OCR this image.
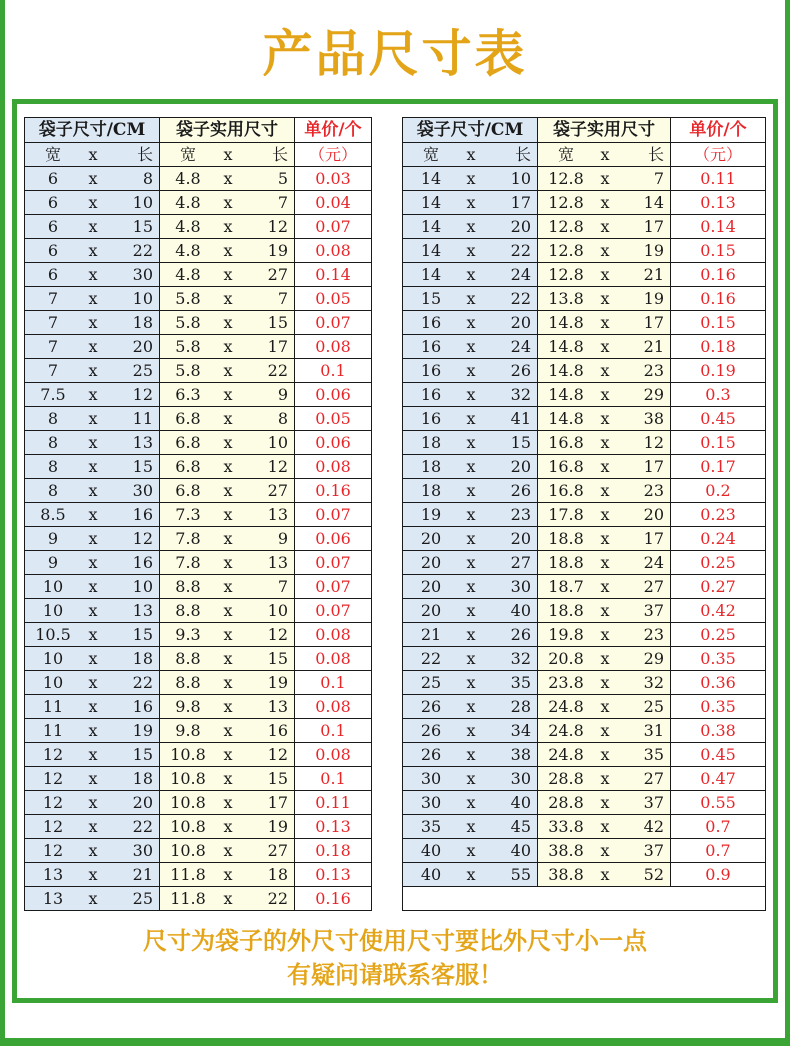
产品尺寸表
袋子尺寸/CM	袋子实用尺寸	单价/个

宽 x 长	宽 x 长	（元）

6 x 8	4.8 x 5	0.03

6 x 10	4.8 x 7	0.04

6 x 15	4.8 x 12	0.07

6 x 22	4.8 x 19	0.08

6 x 30	4.8 x 27	0.14

7 x 10	5.8 x 7	0.05

7 x 18	5.8 x 15	0.07

7 x 20	5.8 x 17	0.08

7 x 25	5.8 x 22	0.1

7.5 x 12	6.3 x 9	0.06

8 x 11	6.8 x 8	0.05

8 x 13	6.8 x 10	0.06

8 x 15	6.8 x 12	0.08

8 x 30	6.8 x 27	0.16

8.5 x 16	7.3 x 13	0.07

9 x 12	7.8 x 9	0.06

9 x 16	7.8 x 13	0.07

10 x 10	8.8 x 7	0.07

10 x 13	8.8 x 10	0.07

10.5 x 15	9.3 x 12	0.08

10 x 18	8.8 x 15	0.08

10 x 22	8.8 x 19	0.1

11 x 16	9.8 x 13	0.08

11 x 19	9.8 x 16	0.1

12 x 15	10.8 x 12	0.08

12 x 18	10.8 x 15	0.1

12 x 20	10.8 x 17	0.11

12 x 22	10.8 x 19	0.13

12 x 30	10.8 x 27	0.18

13 x 21	11.8 x 18	0.13

13 x 25	11.8 x 22	0.16
袋子尺寸/CM	袋子实用尺寸	单价/个

宽 x 长	宽 x 长	（元）

14 x 10	12.8 x 7	0.11

14 x 17	12.8 x 14	0.13

14 x 20	12.8 x 17	0.14

14 x 22	12.8 x 19	0.15

14 x 24	12.8 x 21	0.16

15 x 22	13.8 x 19	0.16

16 x 20	14.8 x 17	0.15

16 x 24	14.8 x 21	0.18

16 x 26	14.8 x 23	0.19

16 x 32	14.8 x 29	0.3

16 x 41	14.8 x 38	0.45

18 x 15	16.8 x 12	0.15

18 x 20	16.8 x 17	0.17

18 x 26	16.8 x 23	0.2

19 x 23	17.8 x 20	0.23

20 x 20	18.8 x 17	0.24

20 x 27	18.8 x 24	0.25

20 x 30	18.7 x 27	0.27

20 x 40	18.8 x 37	0.42

21 x 26	19.8 x 23	0.25

22 x 32	20.8 x 29	0.35

25 x 35	23.8 x 32	0.36

26 x 28	24.8 x 25	0.35

26 x 34	24.8 x 31	0.38

26 x 38	24.8 x 35	0.45

30 x 30	28.8 x 27	0.47

30 x 40	28.8 x 37	0.55

35 x 45	33.8 x 42	0.7

40 x 40	38.8 x 37	0.7

40 x 55	38.8 x 52	0.9

尺寸为袋子的外尺寸使用尺寸要比外尺寸小一点
有疑问请联系客服！
